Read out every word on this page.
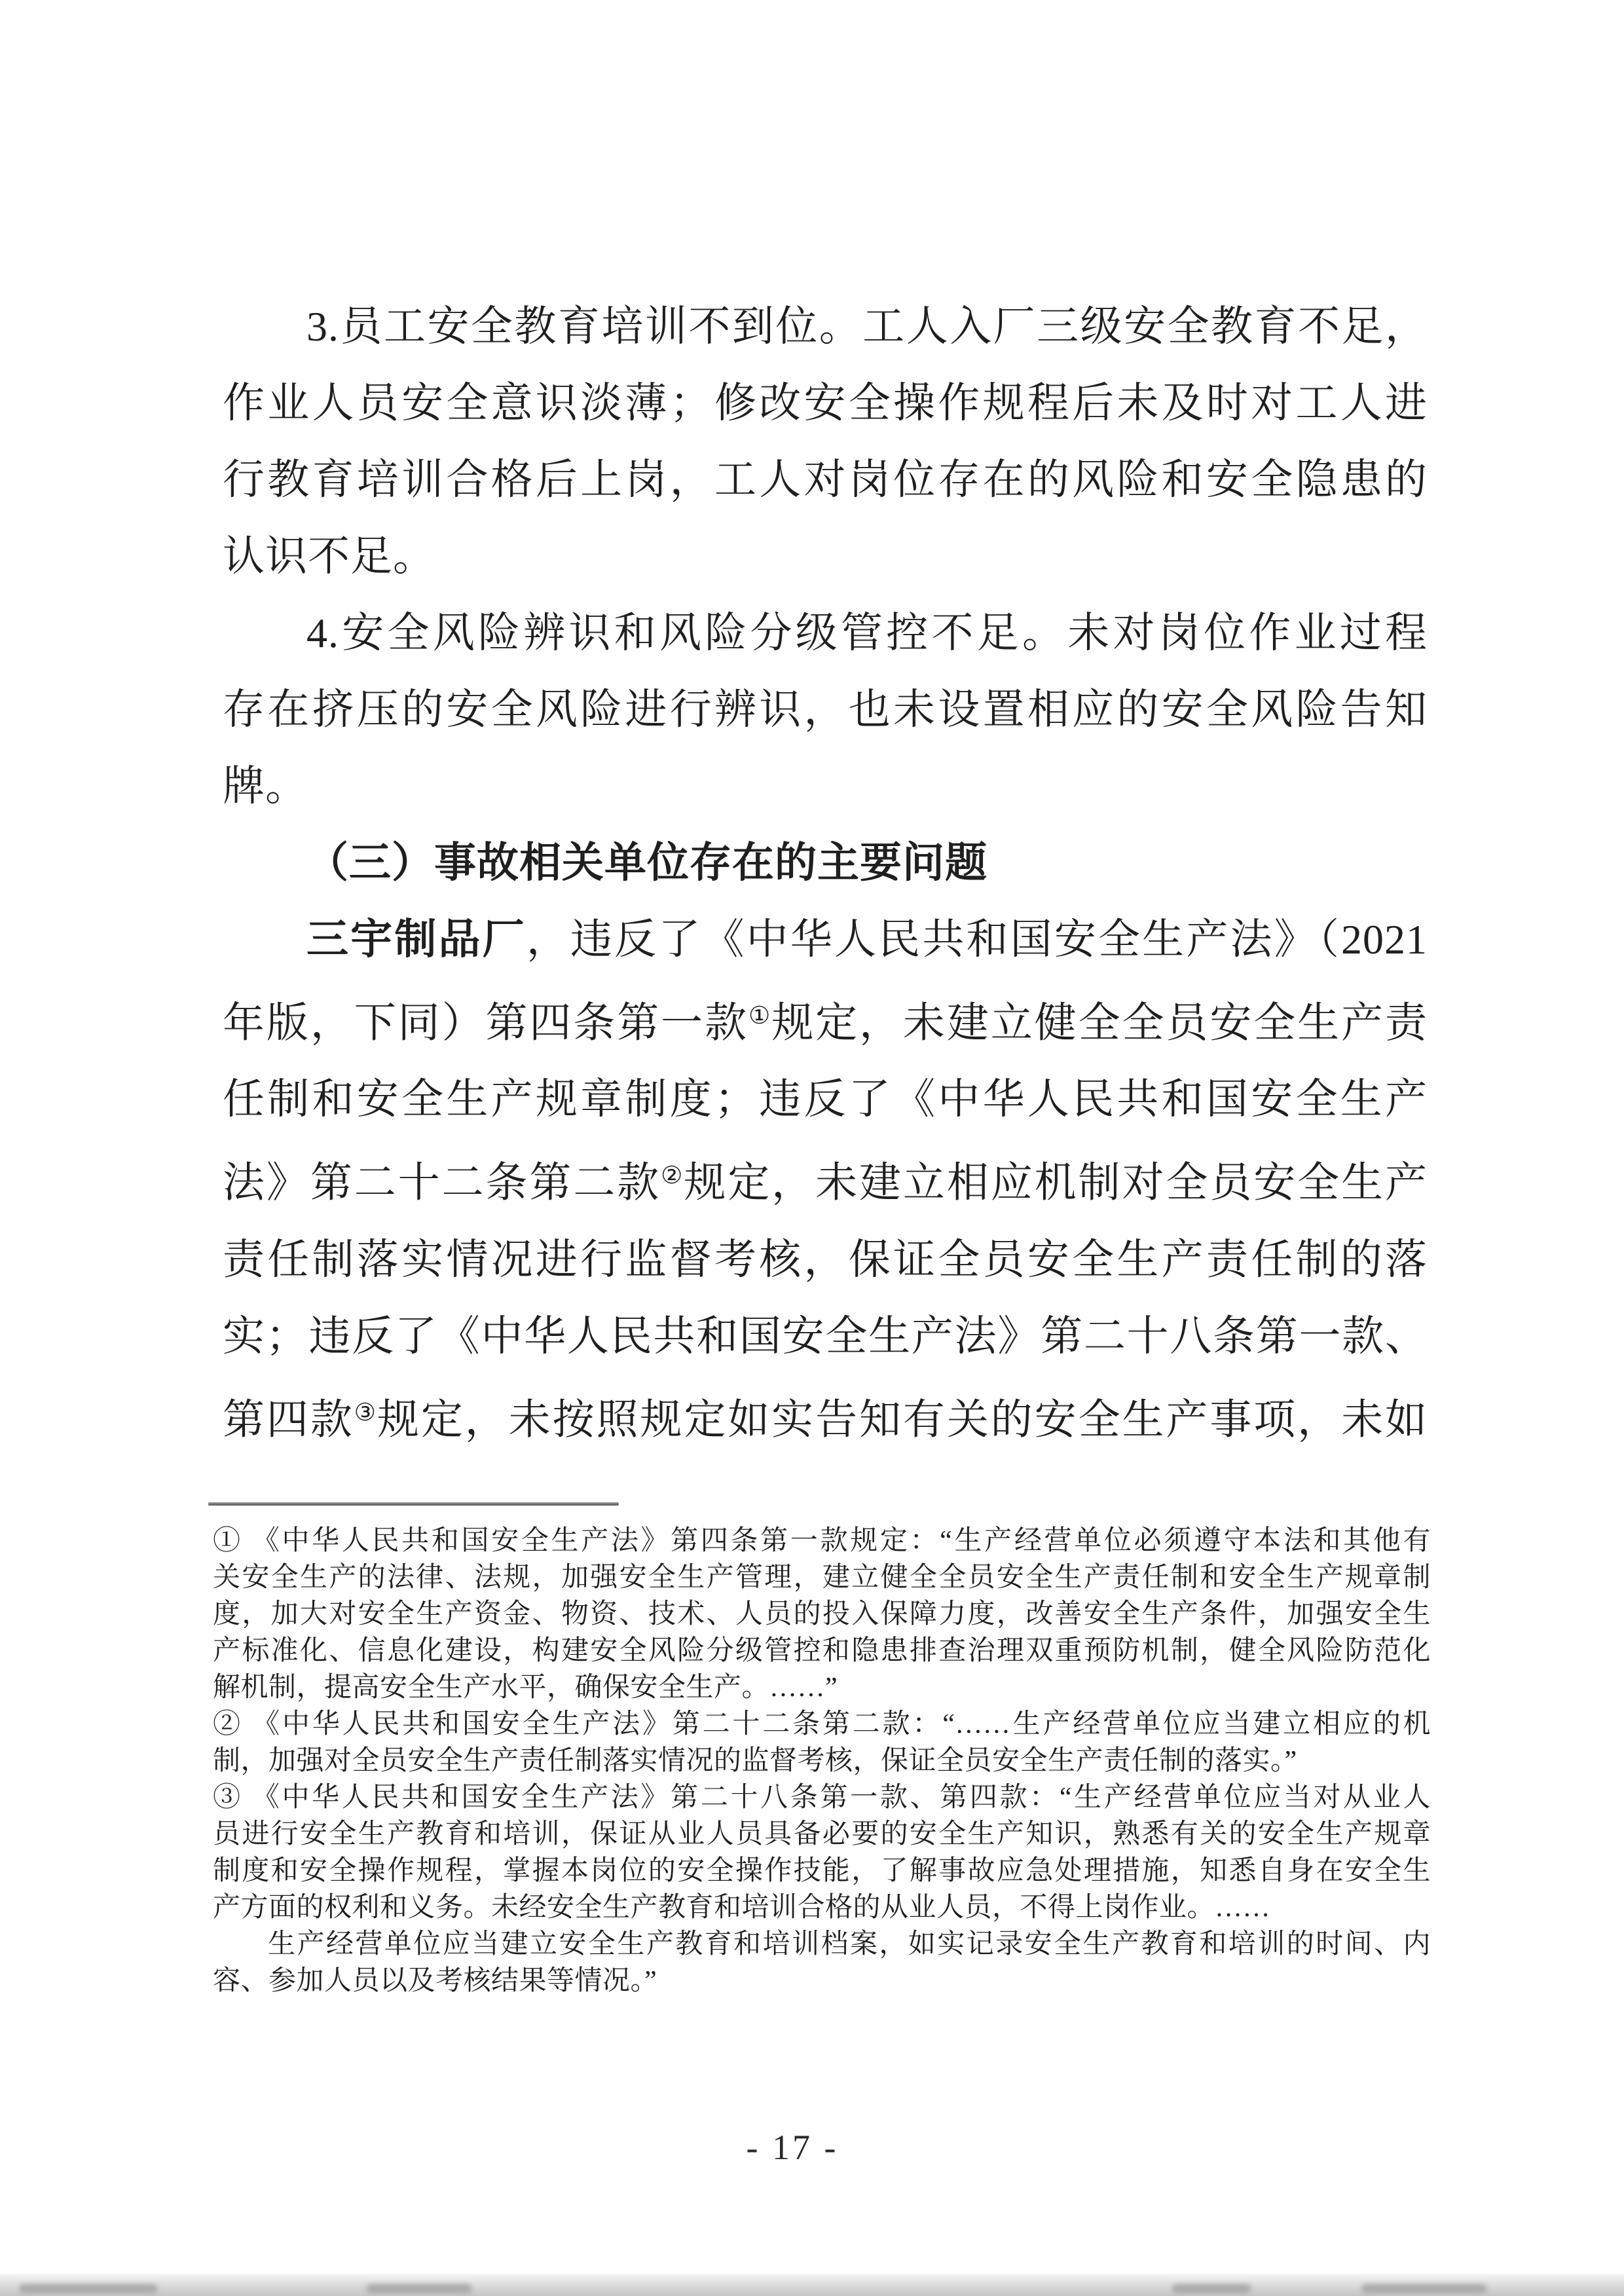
3.员工安全教育培训不到位。工人入厂三级安全教育不足，
作业人员安全意识淡薄；修改安全操作规程后未及时对工人进
行教育培训合格后上岗，工人对岗位存在的风险和安全隐患的
认识不足。
4.安全风险辨识和风险分级管控不足。未对岗位作业过程
存在挤压的安全风险进行辨识，也未设置相应的安全风险告知
牌。
（三）事故相关单位存在的主要问题
三宇制品厂，违反了《中华人民共和国安全生产法》（2021
年版，下同）第四条第一款①规定，未建立健全全员安全生产责
任制和安全生产规章制度；违反了《中华人民共和国安全生产
法》第二十二条第二款②规定，未建立相应机制对全员安全生产
责任制落实情况进行监督考核，保证全员安全生产责任制的落
实；违反了《中华人民共和国安全生产法》第二十八条第一款、
第四款③规定，未按照规定如实告知有关的安全生产事项，未如
① 《中华人民共和国安全生产法》第四条第一款规定：“生产经营单位必须遵守本法和其他有
关安全生产的法律、法规，加强安全生产管理，建立健全全员安全生产责任制和安全生产规章制
度，加大对安全生产资金、物资、技术、人员的投入保障力度，改善安全生产条件，加强安全生
产标准化、信息化建设，构建安全风险分级管控和隐患排查治理双重预防机制，健全风险防范化
解机制，提高安全生产水平，确保安全生产。……”
② 《中华人民共和国安全生产法》第二十二条第二款：“……生产经营单位应当建立相应的机
制，加强对全员安全生产责任制落实情况的监督考核，保证全员安全生产责任制的落实。”
③ 《中华人民共和国安全生产法》第二十八条第一款、第四款：“生产经营单位应当对从业人
员进行安全生产教育和培训，保证从业人员具备必要的安全生产知识，熟悉有关的安全生产规章
制度和安全操作规程，掌握本岗位的安全操作技能，了解事故应急处理措施，知悉自身在安全生
产方面的权利和义务。未经安全生产教育和培训合格的从业人员，不得上岗作业。……
生产经营单位应当建立安全生产教育和培训档案，如实记录安全生产教育和培训的时间、内
容、参加人员以及考核结果等情况。”
- 17 -
